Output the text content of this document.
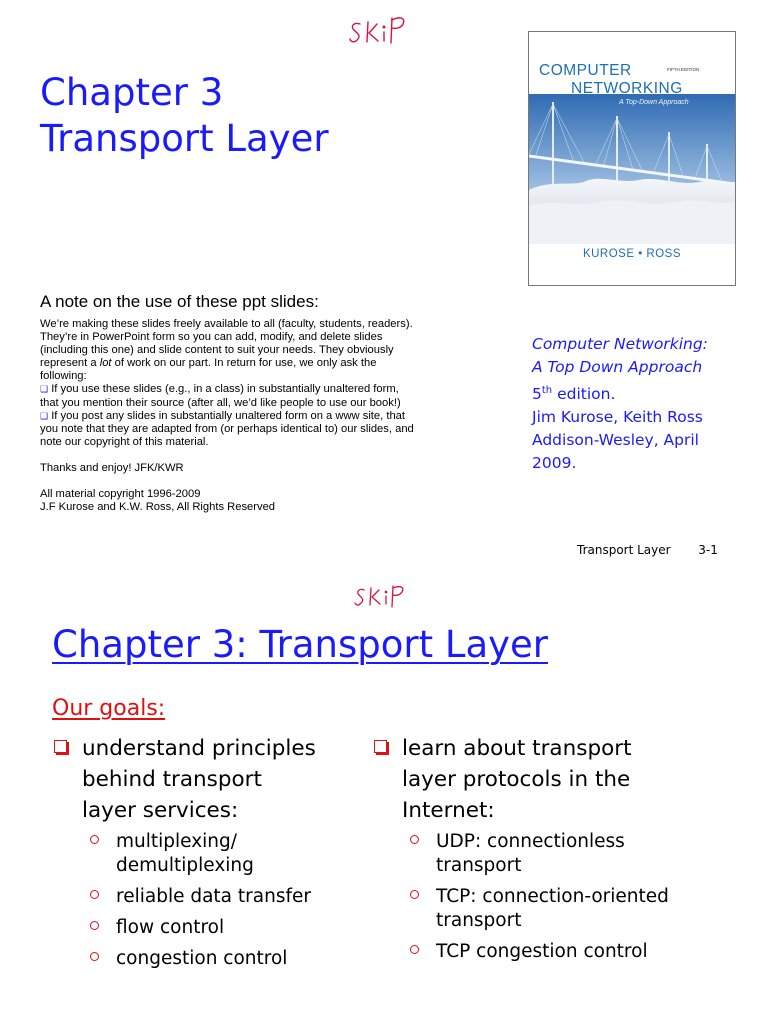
Chapter 3
Transport Layer
COMPUTER	FIFTH EDITION
NETWORKING
A Top-Down Approach
KUROSE • ROSS
A note on the use of these ppt slides:

We’re making these slides freely available to all (faculty, students, readers).

They’re in PowerPoint form so you can add, modify, and delete slides

(including this one) and slide content to suit your needs. They obviously

represent a lot of work on our part. In return for use, we only ask the

following:

❏ If you use these slides (e.g., in a class) in substantially unaltered form,

that you mention their source (after all, we’d like people to use our book!)

❏ If you post any slides in substantially unaltered form on a www site, that

you note that they are adapted from (or perhaps identical to) our slides, and

note our copyright of this material.

Thanks and enjoy! JFK/KWR

All material copyright 1996-2009

J.F Kurose and K.W. Ross, All Rights Reserved

Computer Networking:
A Top Down Approach
5th edition.
Jim Kurose, Keith Ross
Addison-Wesley, April
2009.
Transport Layer 3-1
Chapter 3: Transport Layer
Our goals:
understand principles
behind transport
layer services:
multiplexing/
demultiplexing
reliable data transfer
flow control
congestion control
learn about transport
layer protocols in the
Internet:
UDP: connectionless
transport
TCP: connection-oriented
transport
TCP congestion control
